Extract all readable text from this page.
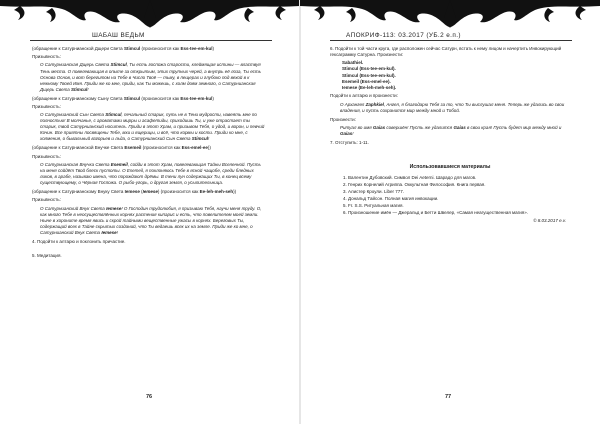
ШАБАШ ВЕДЬМ

(обращение к Сатурнианской Дщери Света Stimcul (произносится как Ess-tee-em-kul)

Призывность:

О Сатурнианская Дщерь Света Stimcul, Ты есть госпожа старости, клеймящая истины — властвуя Тень места. О повелевающая в опыте за открытым, этих трупных черей, а внутрь её лоза, Ты есть Основа Основ, и вот берегитом на Тебе в Число Твоё — тьму, в пещерах и глубоко под вехой в к нежному Твоей Имя. Приди же ко мне, приди, как Ты можешь, с холм доям земного, о Сатурнианская Дщерь Света Stimcul!

(обращение к Сатурнианскому Сыну Света Stimcul (произносится как Ess-tee-em-kul)

Призывность:

О Сатурнианский Сын Света Stimcul, печальный старик, путь не в Тени мудрости, навеять мне по полностью! В молчанье, с ароматами мирры и асафетиды, приходишь Ты, и уже отрастает ты старик, твой Сатурнианский носитель. Приди в этот Храм, и призывом Тебя, о удод, и ворон, и певчий Кочин. Все приятны посвящены Тебе, мхи и ящерицы, и всё, что кормы и кости. Приди ко мне, с холмения, о бывальный взгорьев и льда, о Сатурнианский Сын Света Stimcul!

(обращение к Сатурнианской Внучке Света Esemeil (произносится как Ess-emel-ee))

Призывность:

О Сатурнианская Внучка Света Esemeil, сойди в этот Храм, повелевающая Тайны Вселенной. Пусть на меня сойдёт Твой блеск пустоты. О Esemeil, я поклоняюсь Тебе в ясной чащобе, среди бледных ликов, в арабе, называю имена, что порождают дрёмы. В тени лун содержащих Ты, в конец всему существующему, о Чёрная Госпожа. О рыбо-угорь, о другая земля, о усыпительница.

(обращение к Сатурнианскому Внуку Света Iemese (Iemese) (произносится как Ee-leh-meh-seh))

Призывность:

О Сатурнианский Внук Света Iemese! О Господин трудолюбия, я призываю Тебя, научи меня труду. О, как много Тебе в неосуществлённых корнях растения кипарис и есть, что повелителем моей земли. Ныне в хороните время явись и скрой тайными вещественные ужасы в корнях. Береговых Ты, содержащий всех в Тайне скрытых созданий, что Ты ведаешь всех их на земле. Приди же ко мне, о Сатурнианский Внук Света Iemese!

4. Подойти к алтарю и поклонить причастие.

5. Медитация.

76
АПОКРИФ-113: 03.2017 (УБ.2 е.п.)

6. Подойти к той части круга, где расположен сейчас Сатурн, встать к нему лицом и начертить Инвокирующий гексаграмму Сатурна. Произнести:

Sabathiel.
Stimcul (Ess-tee-em-kul).
Stimcul (Ess-tee-em-kul).
Esemeil (Ess-emel-ee).
Iemese (Ee-leh-meh-seh).

Подойти к алтарю и произнести:

О Архангел Zaphkiel, Ангел, я благодарю Тебя за то, что Ты выслушал меня. Теперь же удались во свои владения, и пусть сохранится мир между мной и Тобой.

Произнести:

Ритуал во имя Gaias совершён! Пусть же удалится Gaias в свои края! Пусть будет мир между мной и Gaias!

7. Отступить: 1-11.

Использовавшиеся материалы
1. Валентин Дубовский. Символ Dei Aeterni. Шарадо для магов.
2. Генрих Корнелий Агриппа. Оккультная Философия. Книга первая.
3. Алистер Кроули. Liber 777.
4. Дональд Тайсон. Полная магия инвокации.
5. Fr. S.S. Ритуальная магия.
6. Произношение имён — Джеральд и Бетти Швелер, «Самая неагущественная магия».
© 8.03.2017 е.v.
77
